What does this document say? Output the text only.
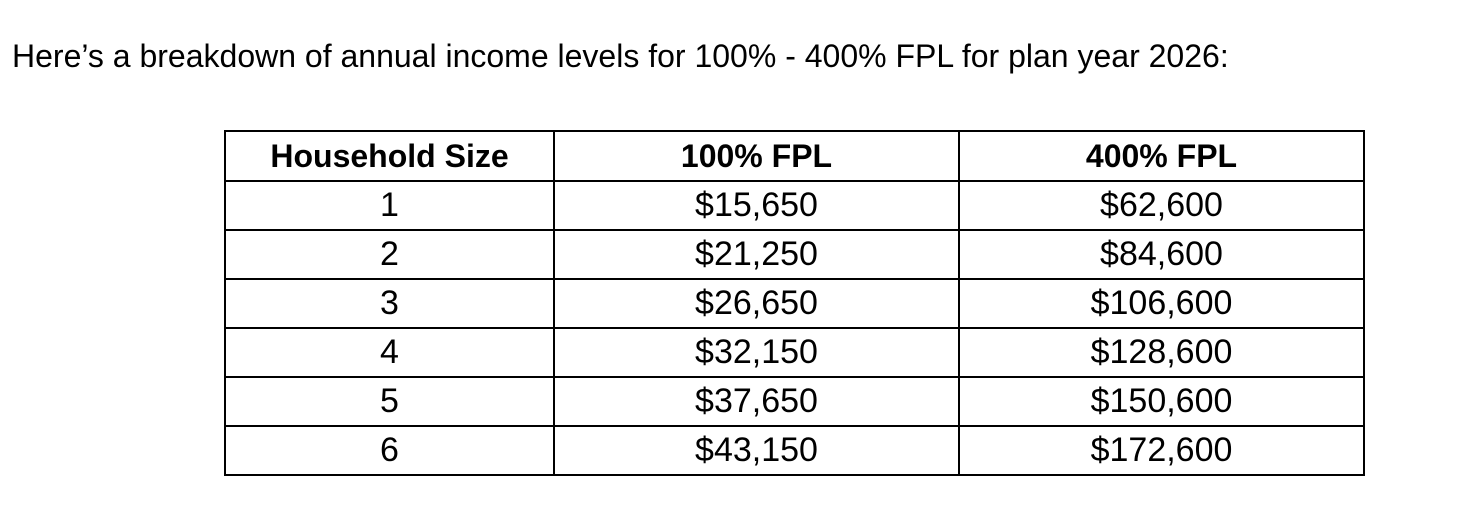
Here’s a breakdown of annual income levels for 100% - 400% FPL for plan year 2026:

Household Size	100% FPL	400% FPL
1	$15,650	$62,600
2	$21,250	$84,600
3	$26,650	$106,600
4	$32,150	$128,600
5	$37,650	$150,600
6	$43,150	$172,600
